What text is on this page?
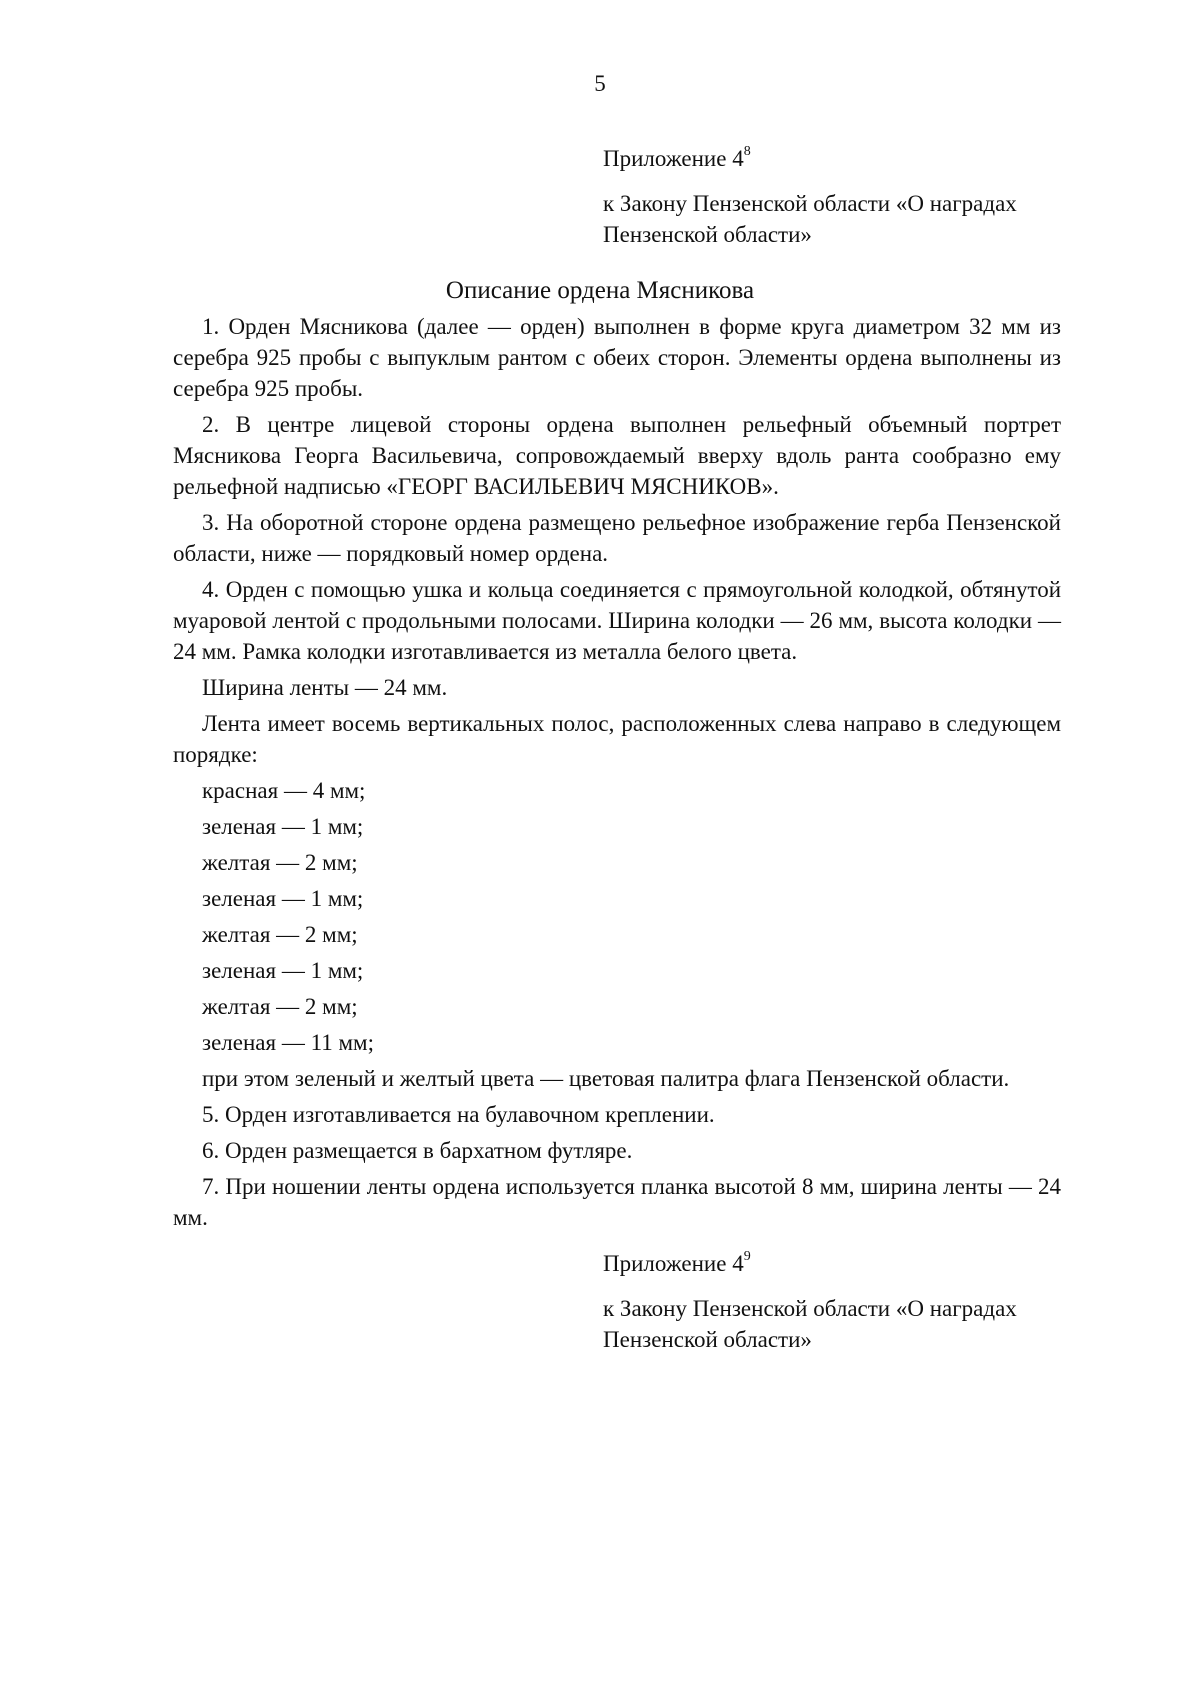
5

Приложение $4^8$

к Закону Пензенской области «О наградах
Пензенской области»

Описание ордена Мясникова

1. Орден Мясникова (далее — орден) выполнен в форме круга диаметром 32 мм из серебра 925 пробы с выпуклым рантом с обеих сторон. Элементы ордена выполнены из серебра 925 пробы.

2. В центре лицевой стороны ордена выполнен рельефный объемный портрет Мясникова Георга Васильевича, сопровождаемый вверху вдоль ранта сообразно ему рельефной надписью «ГЕОРГ ВАСИЛЬЕВИЧ МЯСНИКОВ».

3. На оборотной стороне ордена размещено рельефное изображение герба Пензенской области, ниже — порядковый номер ордена.

4. Орден с помощью ушка и кольца соединяется с прямоугольной колодкой, обтянутой муаровой лентой с продольными полосами. Ширина колодки — 26 мм, высота колодки — 24 мм. Рамка колодки изготавливается из металла белого цвета.

Ширина ленты — 24 мм.

Лента имеет восемь вертикальных полос, расположенных слева направо в следующем порядке:

красная — 4 мм;

зеленая — 1 мм;

желтая — 2 мм;

зеленая — 1 мм;

желтая — 2 мм;

зеленая — 1 мм;

желтая — 2 мм;

зеленая — 11 мм;

при этом зеленый и желтый цвета — цветовая палитра флага Пензенской области.

5. Орден изготавливается на булавочном креплении.

6. Орден размещается в бархатном футляре.

7. При ношении ленты ордена используется планка высотой 8 мм, ширина ленты — 24 мм.

Приложение $4^9$

к Закону Пензенской области «О наградах
Пензенской области»
